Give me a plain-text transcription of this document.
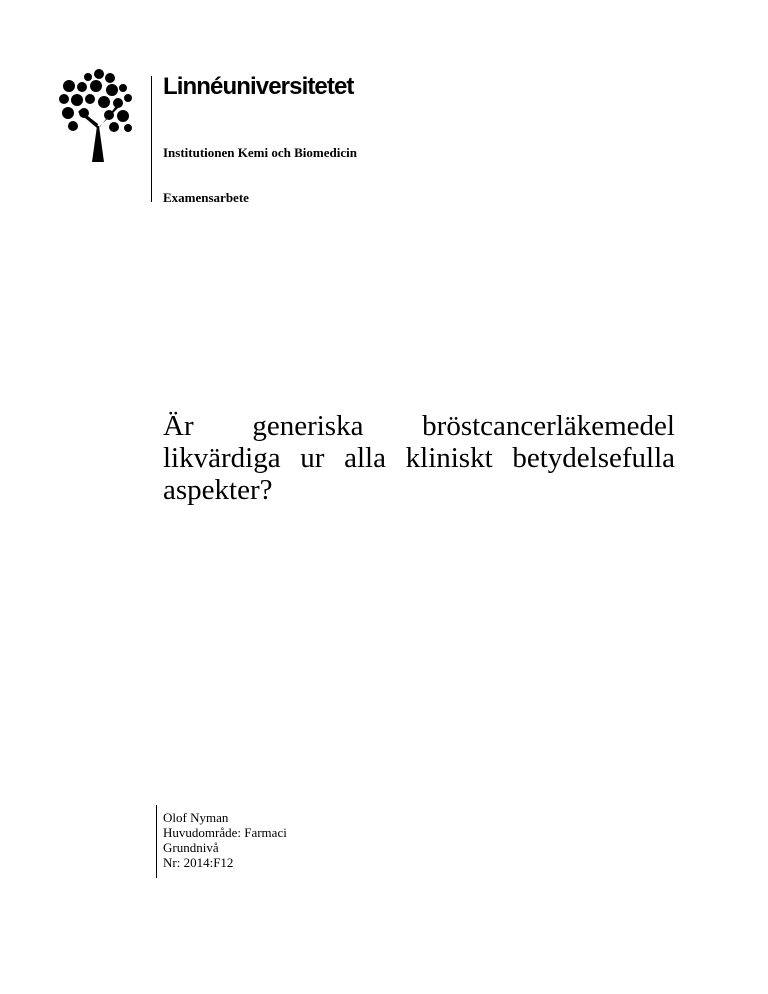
Linnéuniversitetet
Institutionen Kemi och Biomedicin
Examensarbete
Är generiska bröstcancerläkemedel likvärdiga ur alla kliniskt betydelsefulla aspekter?
Olof Nyman
Huvudområde: Farmaci
Grundnivå
Nr: 2014:F12
